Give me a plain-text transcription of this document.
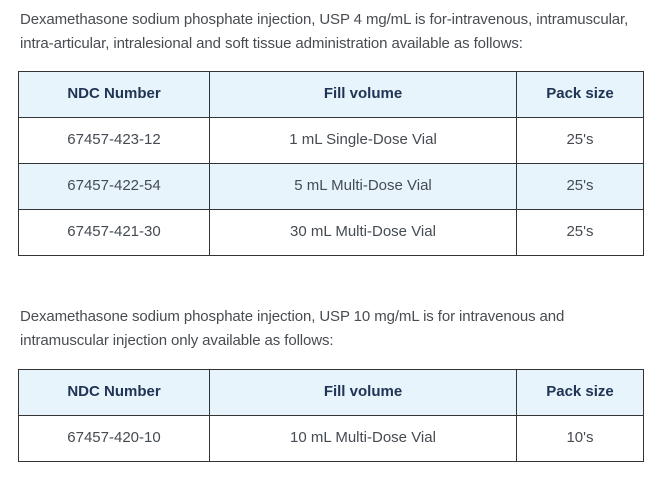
Dexamethasone sodium phosphate injection, USP 4 mg/mL is for-intravenous, intramuscular, intra-articular, intralesional and soft tissue administration available as follows:

NDC Number	Fill volume	Pack size
67457-423-12	1 mL Single-Dose Vial	25's
67457-422-54	5 mL Multi-Dose Vial	25's
67457-421-30	30 mL Multi-Dose Vial	25's

Dexamethasone sodium phosphate injection, USP 10 mg/mL is for intravenous and intramuscular injection only available as follows:

NDC Number	Fill volume	Pack size
67457-420-10	10 mL Multi-Dose Vial	10's
